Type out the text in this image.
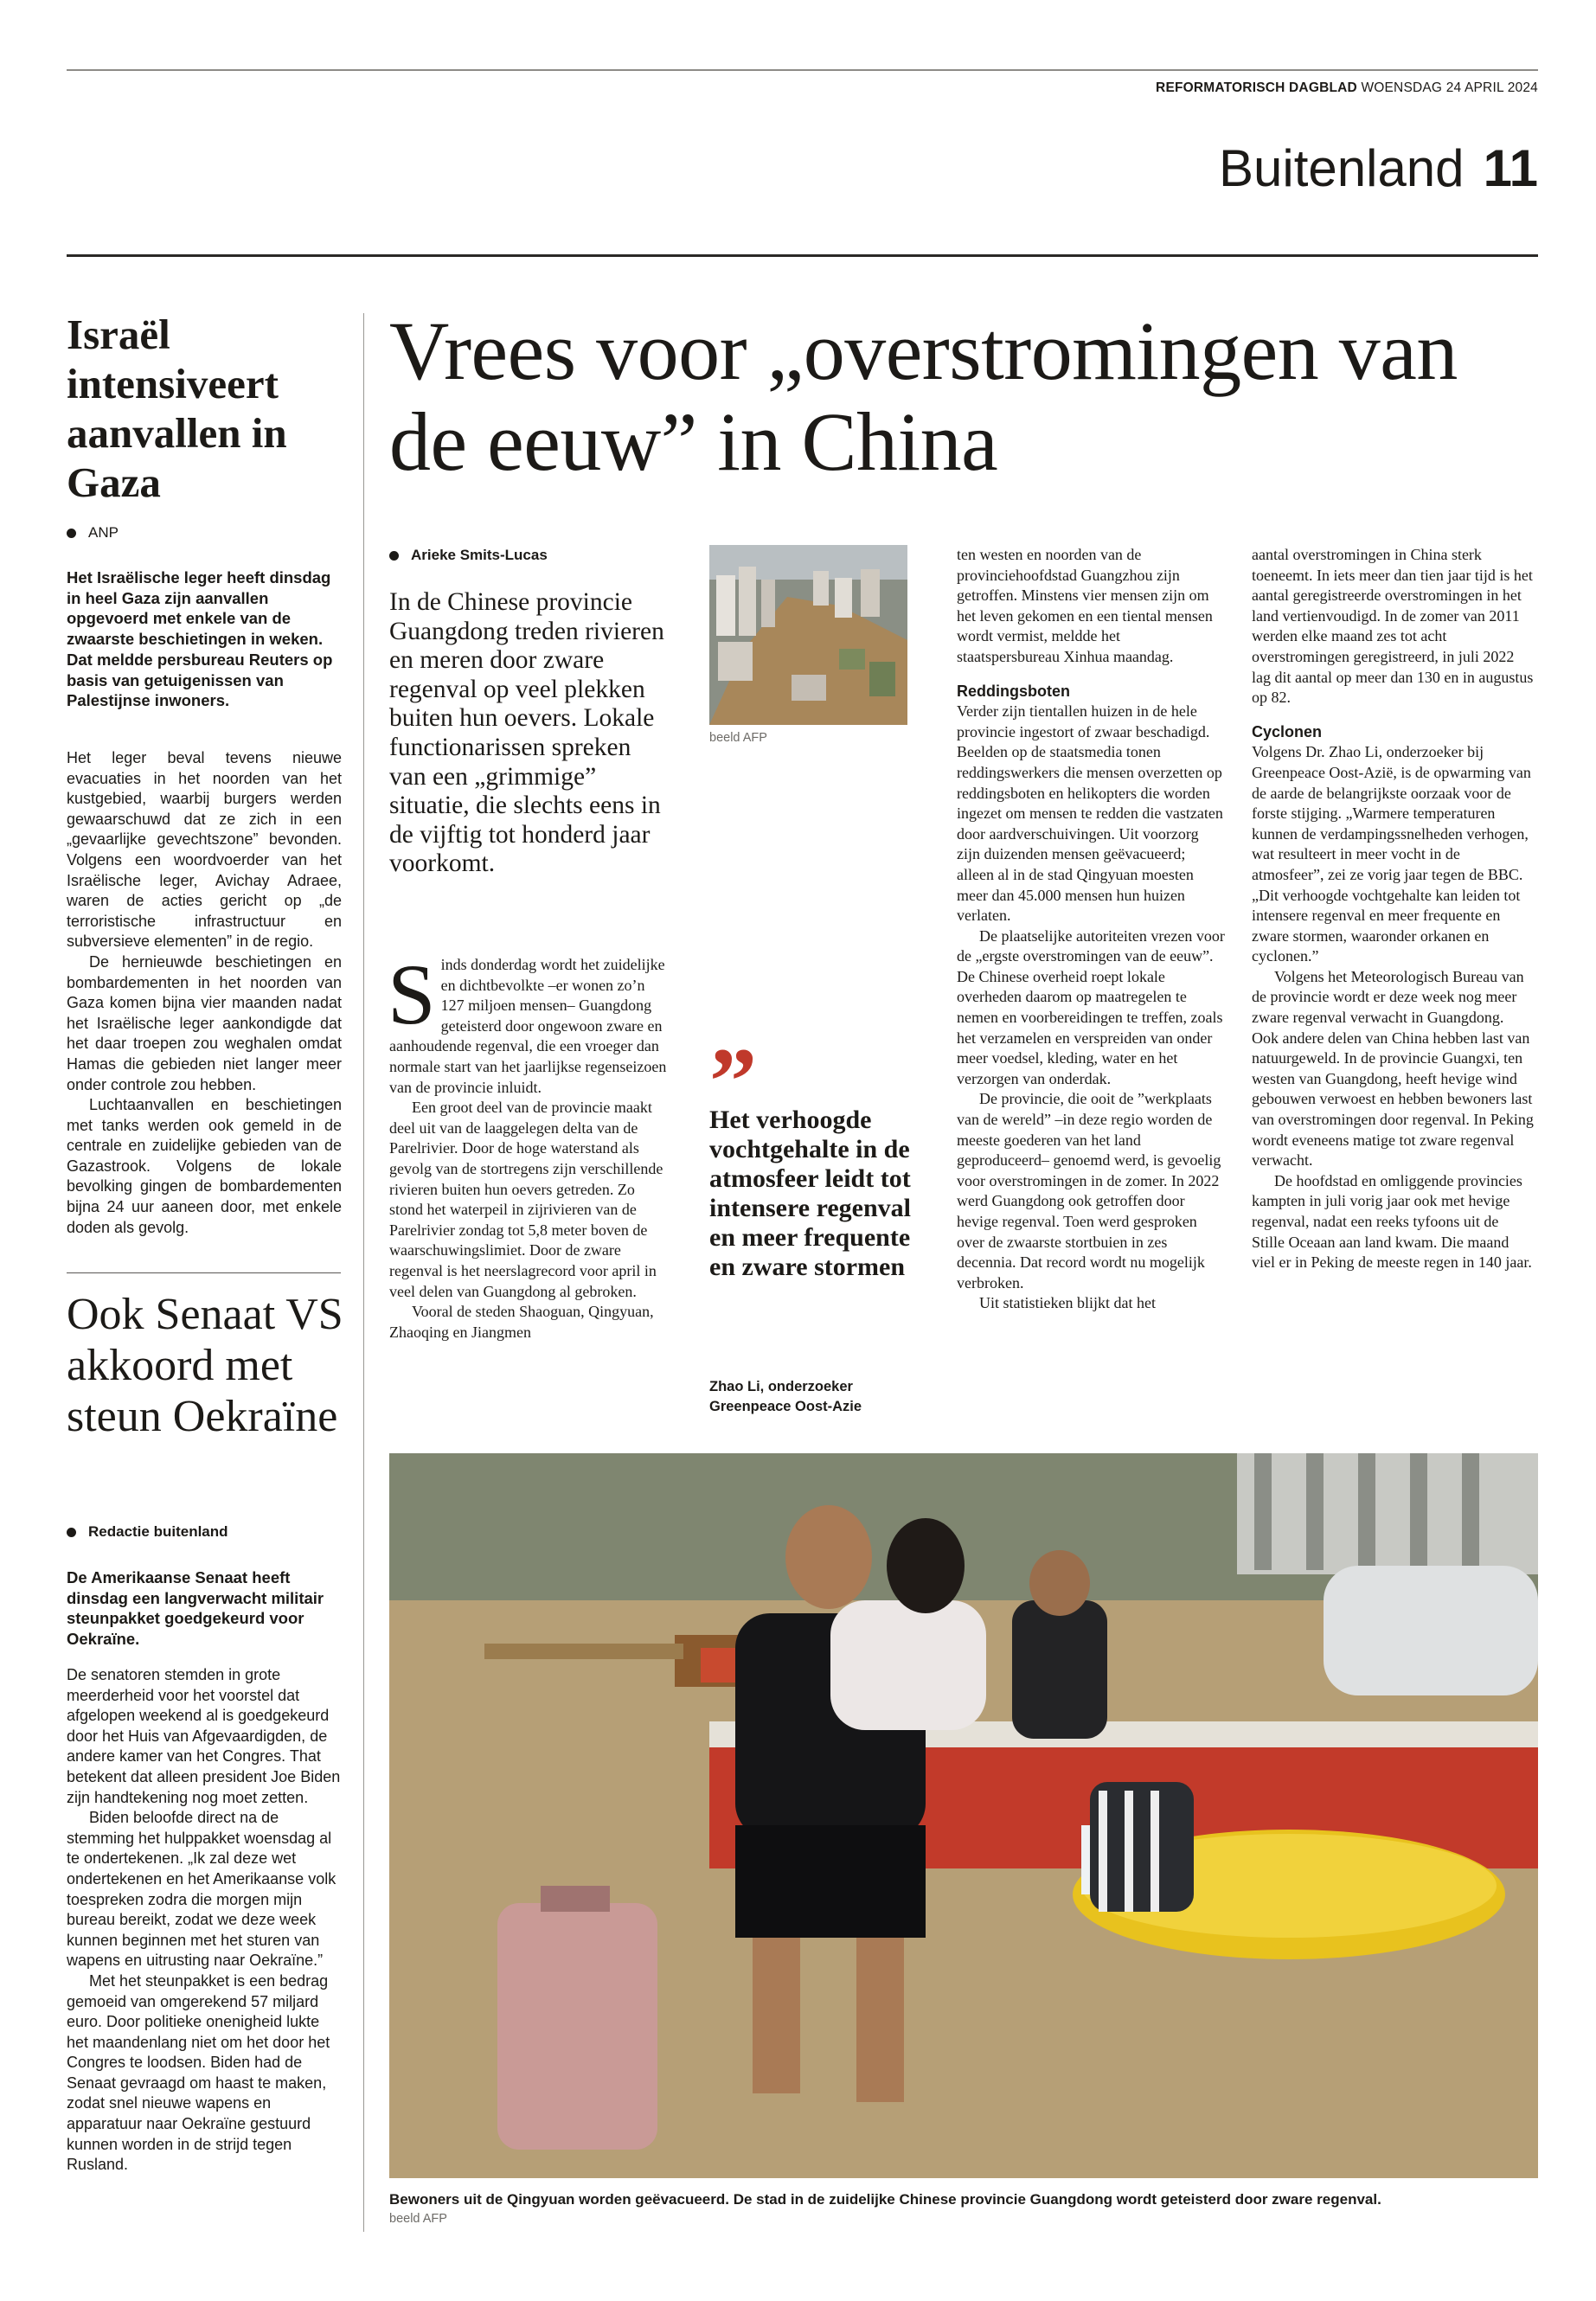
REFORMATORISCH DAGBLAD WOENSDAG 24 APRIL 2024
Buitenland 11
Israël intensiveert aanvallen in Gaza
ANP
Het Israëlische leger heeft dinsdag in heel Gaza zijn aanvallen opgevoerd met enkele van de zwaarste beschietingen in weken. Dat meldde persbureau Reuters op basis van getuigenissen van Palestijnse inwoners.

Het leger beval tevens nieuwe evacuaties in het noorden van het kustgebied, waarbij burgers werden gewaarschuwd dat ze zich in een „gevaarlijke gevechtszone” bevonden. Volgens een woordvoerder van het Israëlische leger, Avichay Adraee, waren de acties gericht op „de terroristische infrastructuur en subversieve elementen” in de regio.

De hernieuwde beschietingen en bombardementen in het noorden van Gaza komen bijna vier maanden nadat het Israëlische leger aankondigde dat het daar troepen zou weghalen omdat Hamas die gebieden niet langer meer onder controle zou hebben.

Luchtaanvallen en beschietingen met tanks werden ook gemeld in de centrale en zuidelijke gebieden van de Gazastrook. Volgens de lokale bevolking gingen de bombardementen bijna 24 uur aaneen door, met enkele doden als gevolg.

Ook Senaat VS akkoord met steun Oekraïne
Redactie buitenland
De Amerikaanse Senaat heeft dinsdag een langverwacht militair steunpakket goedgekeurd voor Oekraïne.

De senatoren stemden in grote meerderheid voor het voorstel dat afgelopen weekend al is goedgekeurd door het Huis van Afgevaardigden, de andere kamer van het Congres. That betekent dat alleen president Joe Biden zijn handtekening nog moet zetten.

Biden beloofde direct na de stemming het hulppakket woensdag al te ondertekenen. „Ik zal deze wet ondertekenen en het Amerikaanse volk toespreken zodra die morgen mijn bureau bereikt, zodat we deze week kunnen beginnen met het sturen van wapens en uitrusting naar Oekraïne.”

Met het steunpakket is een bedrag gemoeid van omgerekend 57 miljard euro. Door politieke onenigheid lukte het maandenlang niet om het door het Congres te loodsen. Biden had de Senaat gevraagd om haast te maken, zodat snel nieuwe wapens en apparatuur naar Oekraïne gestuurd kunnen worden in de strijd tegen Rusland.

Vrees voor „overstromingen van de eeuw” in China
Arieke Smits-Lucas
In de Chinese provincie Guangdong treden rivieren en meren door zware regenval op veel plekken buiten hun oevers. Lokale functionarissen spreken van een „grimmige” situatie, die slechts eens in de vijftig tot honderd jaar voorkomt.

Sinds donderdag wordt het zuidelijke en dichtbevolkte –er wonen zo’n 127 miljoen mensen– Guangdong geteisterd door ongewoon zware en aanhoudende regenval, die een vroeger dan normale start van het jaarlijkse regenseizoen van de provincie inluidt.

Een groot deel van de provincie maakt deel uit van de laaggelegen delta van de Parelrivier. Door de hoge waterstand als gevolg van de stortregens zijn verschillende rivieren buiten hun oevers getreden. Zo stond het waterpeil in zijrivieren van de Parelrivier zondag tot 5,8 meter boven de waarschuwingslimiet. Door de zware regenval is het neerslagrecord voor april in veel delen van Guangdong al gebroken.

Vooral de steden Shaoguan, Qingyuan, Zhaoqing en Jiangmen

beeld AFP
”
Het verhoogde vochtgehalte in de atmosfeer leidt tot intensere regenval en meer frequente en zware stormen
Zhao Li, onderzoeker
Greenpeace Oost-Azie

ten westen en noorden van de provinciehoofdstad Guangzhou zijn getroffen. Minstens vier mensen zijn om het leven gekomen en een tiental mensen wordt vermist, meldde het staatspersbureau Xinhua maandag.

Reddingsboten

Verder zijn tientallen huizen in de hele provincie ingestort of zwaar beschadigd. Beelden op de staatsmedia tonen reddingswerkers die mensen overzetten op reddingsboten en helikopters die worden ingezet om mensen te redden die vastzaten door aardverschuivingen. Uit voorzorg zijn duizenden mensen geëvacueerd; alleen al in de stad Qingyuan moesten meer dan 45.000 mensen hun huizen verlaten.

De plaatselijke autoriteiten vrezen voor de „ergste overstromingen van de eeuw”. De Chinese overheid roept lokale overheden daarom op maatregelen te nemen en voorbereidingen te treffen, zoals het verzamelen en verspreiden van onder meer voedsel, kleding, water en het verzorgen van onderdak.

De provincie, die ooit de ”werkplaats van de wereld” –in deze regio worden de meeste goederen van het land geproduceerd– genoemd werd, is gevoelig voor overstromingen in de zomer. In 2022 werd Guangdong ook getroffen door hevige regenval. Toen werd gesproken over de zwaarste stortbuien in zes decennia. Dat record wordt nu mogelijk verbroken.

Uit statistieken blijkt dat het

aantal overstromingen in China sterk toeneemt. In iets meer dan tien jaar tijd is het aantal geregistreerde overstromingen in het land vertienvoudigd. In de zomer van 2011 werden elke maand zes tot acht overstromingen geregistreerd, in juli 2022 lag dit aantal op meer dan 130 en in augustus op 82.

Cyclonen

Volgens Dr. Zhao Li, onderzoeker bij Greenpeace Oost-Azië, is de opwarming van de aarde de belangrijkste oorzaak voor de forste stijging. „Warmere temperaturen kunnen de verdampingssnelheden verhogen, wat resulteert in meer vocht in de atmosfeer”, zei ze vorig jaar tegen de BBC. „Dit verhoogde vochtgehalte kan leiden tot intensere regenval en meer frequente en zware stormen, waaronder orkanen en cyclonen.”

Volgens het Meteorologisch Bureau van de provincie wordt er deze week nog meer zware regenval verwacht in Guangdong. Ook andere delen van China hebben last van natuurgeweld. In de provincie Guangxi, ten westen van Guangdong, heeft hevige wind gebouwen verwoest en hebben bewoners last van overstromingen door regenval. In Peking wordt eveneens matige tot zware regenval verwacht.

De hoofdstad en omliggende provincies kampten in juli vorig jaar ook met hevige regenval, nadat een reeks tyfoons uit de Stille Oceaan aan land kwam. Die maand viel er in Peking de meeste regen in 140 jaar.

Bewoners uit de Qingyuan worden geëvacueerd. De stad in de zuidelijke Chinese provincie Guangdong wordt geteisterd door zware regenval.
beeld AFP
